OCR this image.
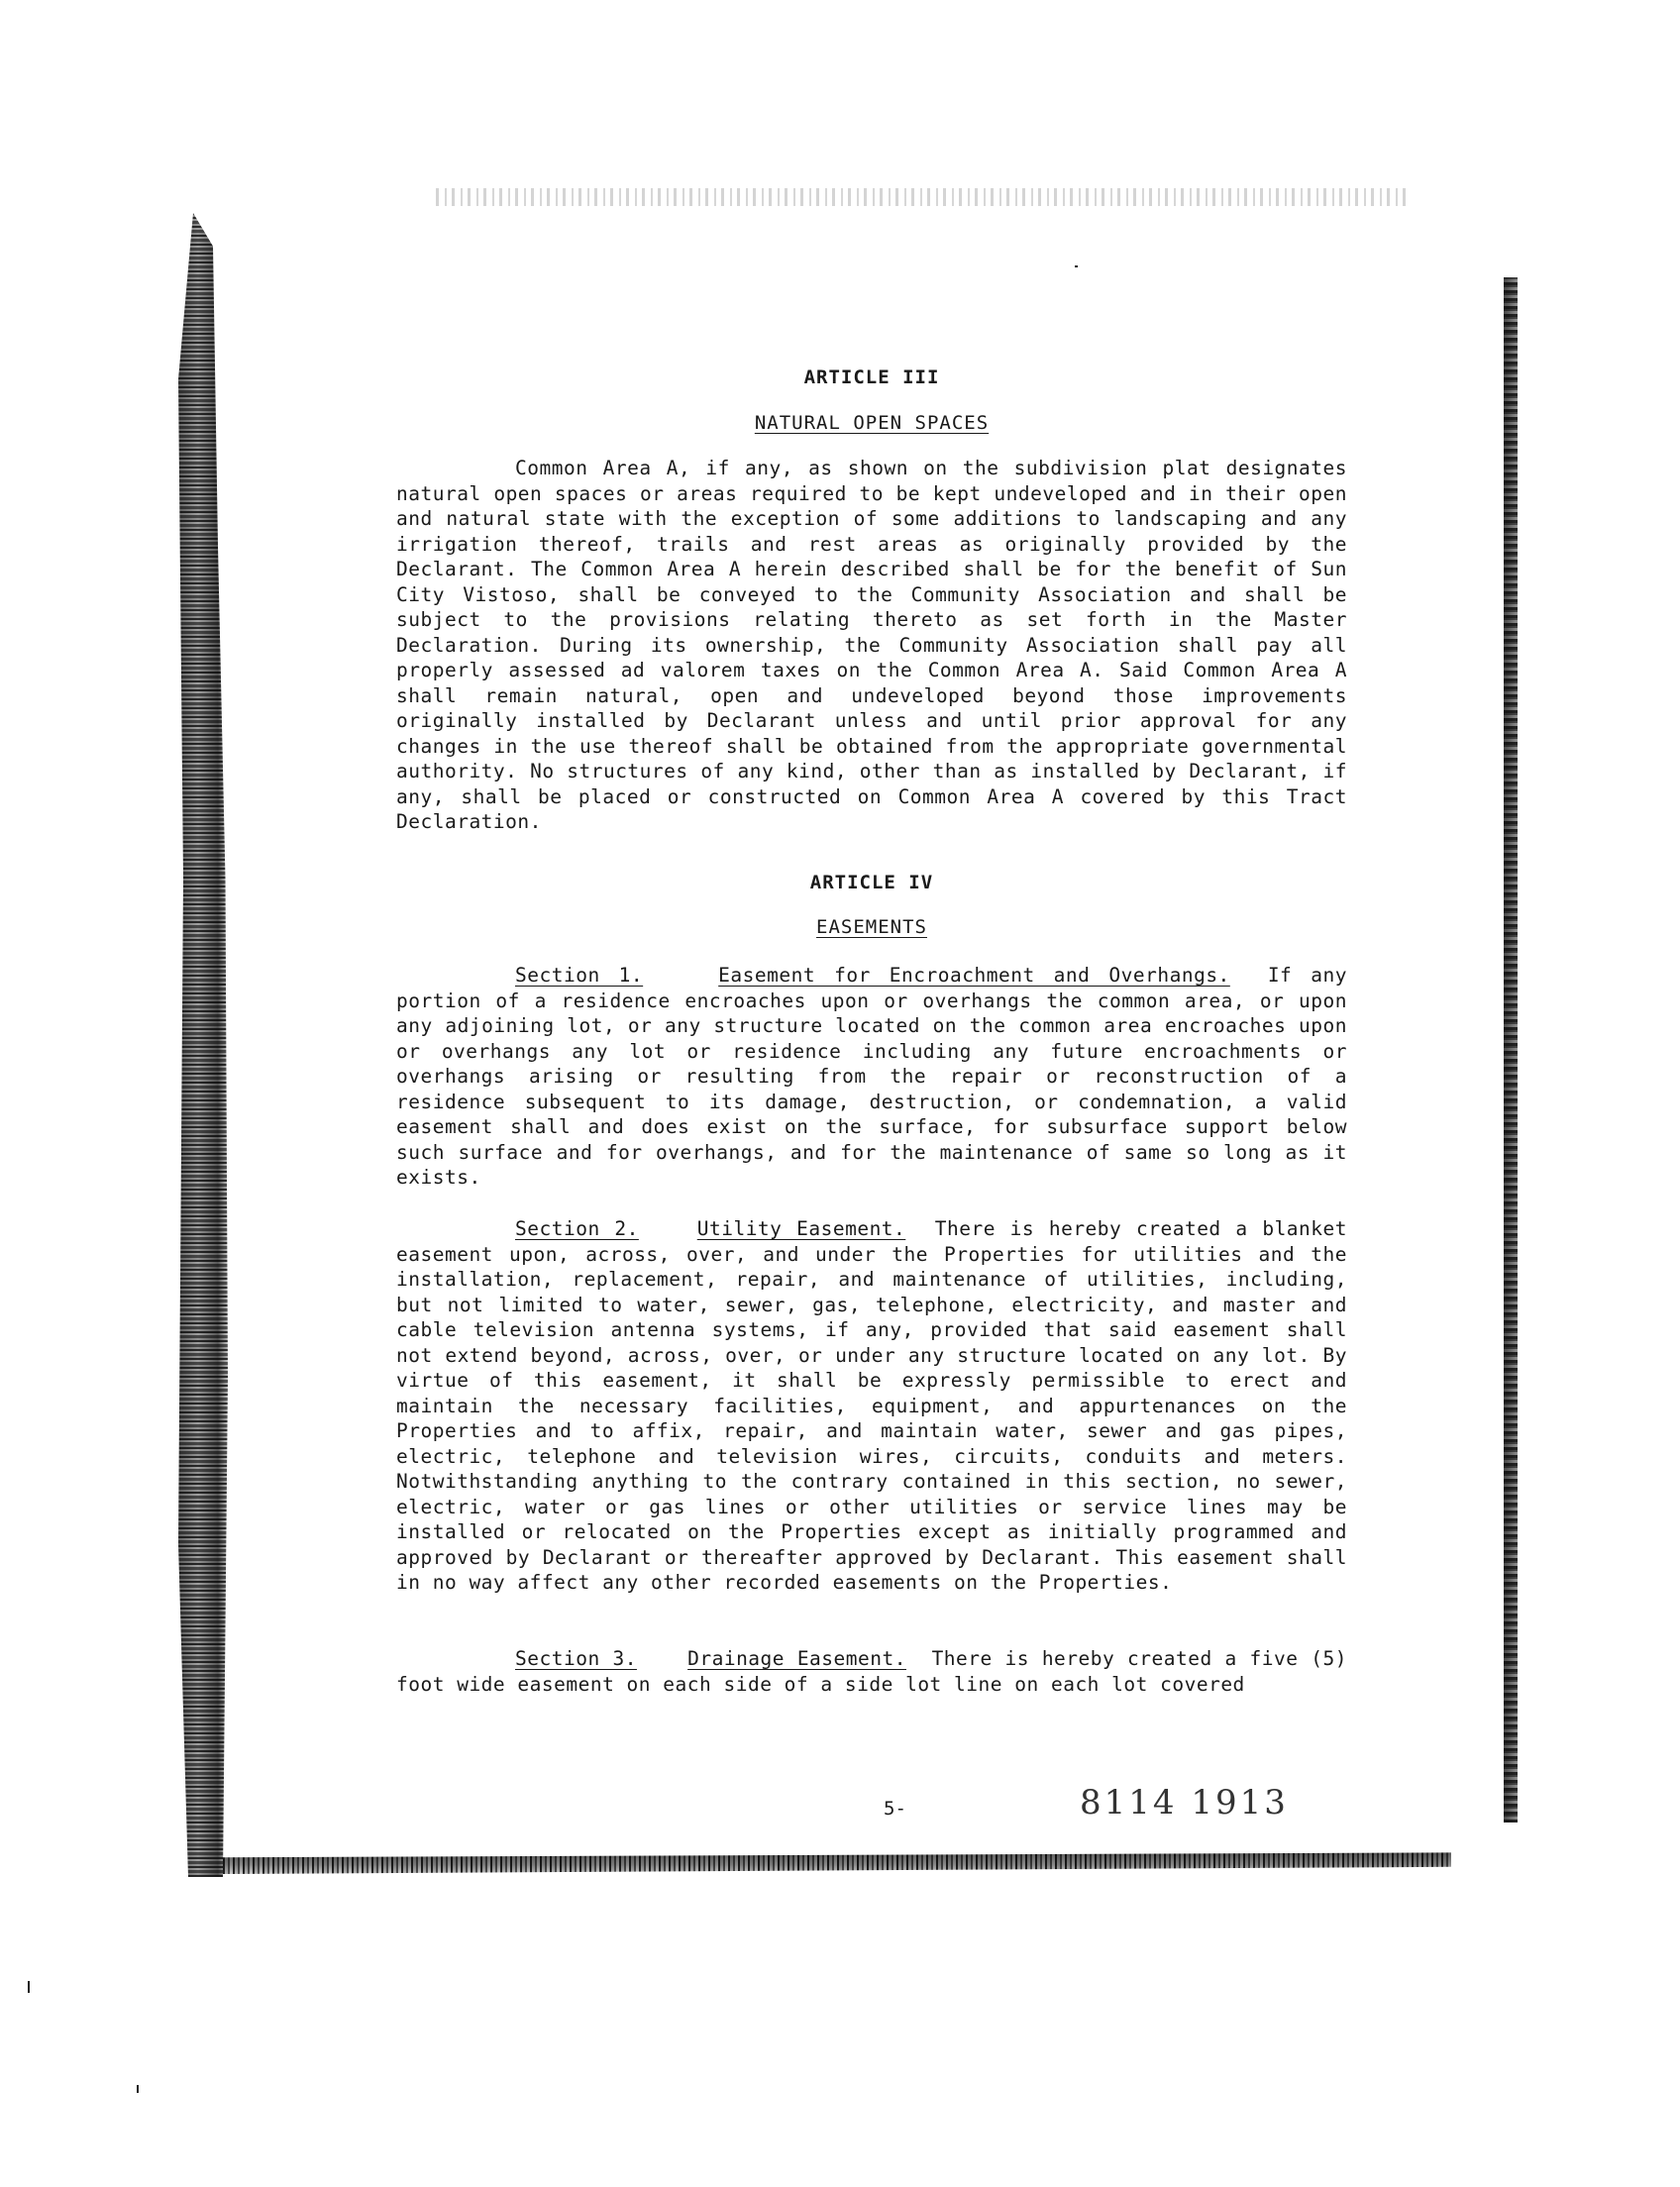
ARTICLE III
NATURAL OPEN SPACES

Common Area A, if any, as shown on the subdivision plat designates natural open spaces or areas required to be kept undeveloped and in their open and natural state with the exception of some additions to landscaping and any irrigation thereof, trails and rest areas as originally provided by the Declarant. The Common Area A herein described shall be for the benefit of Sun City Vistoso, shall be conveyed to the Community Association and shall be subject to the provisions relating thereto as set forth in the Master Declaration. During its ownership, the Community Association shall pay all properly assessed ad valorem taxes on the Common Area A. Said Common Area A shall remain natural, open and undeveloped beyond those improvements originally installed by Declarant unless and until prior approval for any changes in the use thereof shall be obtained from the appropriate governmental authority. No structures of any kind, other than as installed by Declarant, if any, shall be placed or constructed on Common Area A covered by this Tract Declaration.

ARTICLE IV
EASEMENTS

Section 1.	Easement for Encroachment and Overhangs. If any portion of a residence encroaches upon or overhangs the common area, or upon any adjoining lot, or any structure located on the common area encroaches upon or overhangs any lot or residence including any future encroachments or overhangs arising or resulting from the repair or reconstruction of a residence subsequent to its damage, destruction, or condemnation, a valid easement shall and does exist on the surface, for subsurface support below such surface and for overhangs, and for the maintenance of same so long as it exists.

Section 2.	Utility Easement. There is hereby created a blanket easement upon, across, over, and under the Properties for utilities and the installation, replacement, repair, and maintenance of utilities, including, but not limited to water, sewer, gas, telephone, electricity, and master and cable television antenna systems, if any, provided that said easement shall not extend beyond, across, over, or under any structure located on any lot. By virtue of this easement, it shall be expressly permissible to erect and maintain the necessary facilities, equipment, and appurtenances on the Properties and to affix, repair, and maintain water, sewer and gas pipes, electric, telephone and television wires, circuits, conduits and meters. Notwithstanding anything to the contrary contained in this section, no sewer, electric, water or gas lines or other utilities or service lines may be installed or relocated on the Properties except as initially programmed and approved by Declarant or thereafter approved by Declarant. This easement shall in no way affect any other recorded easements on the Properties.

Section 3.	Drainage Easement. There is hereby created a five (5) foot wide easement on each side of a side lot line on each lot covered

5-	8114 1913
